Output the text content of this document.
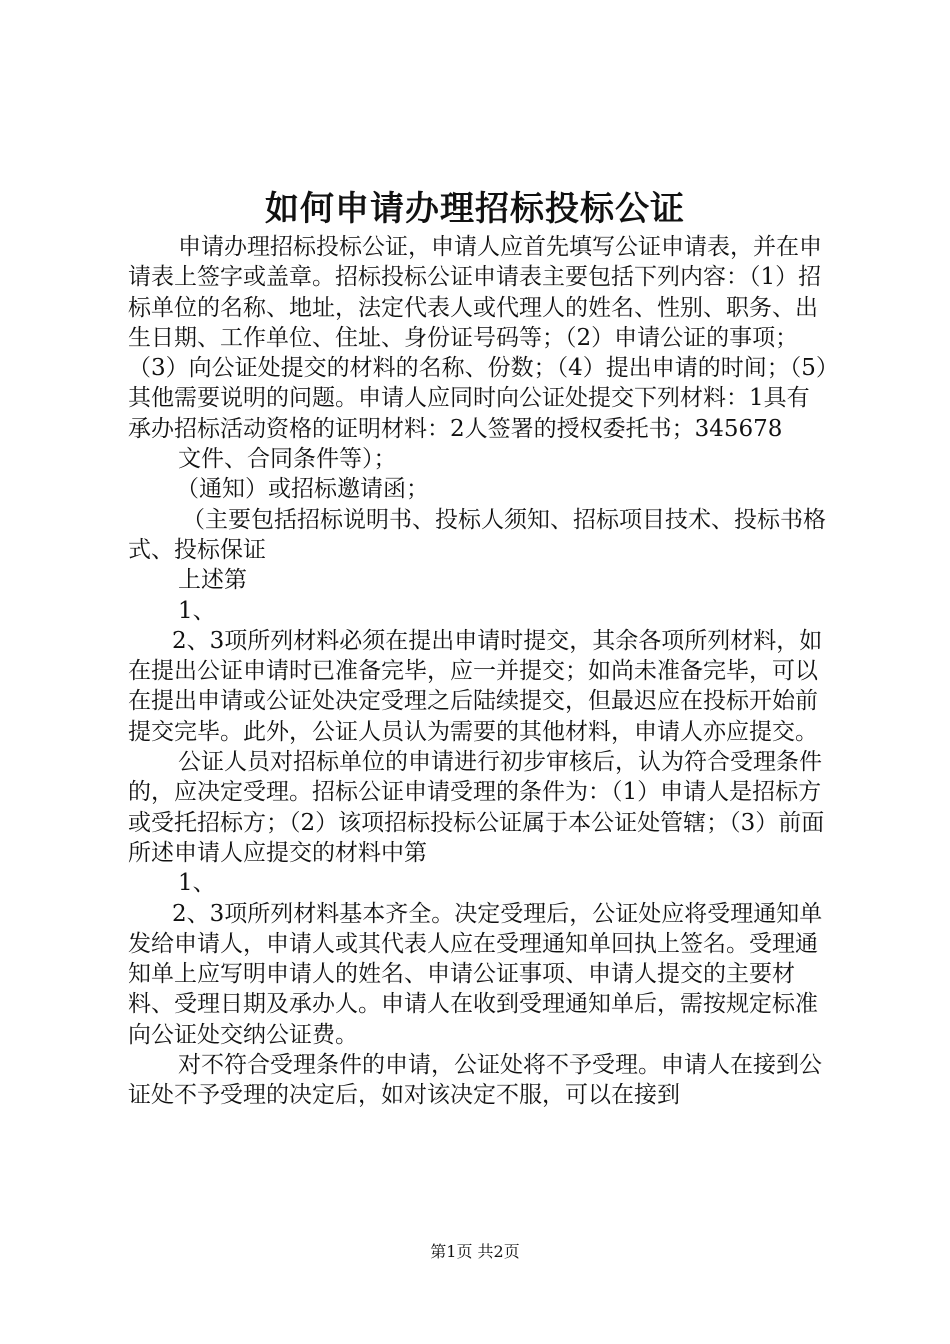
如何申请办理招标投标公证

申请办理招标投标公证，申请人应首先填写公证申请表，并在申请表上签字或盖章。招标投标公证申请表主要包括下列内容：（1）招标单位的名称、地址，法定代表人或代理人的姓名、性别、职务、出生日期、工作单位、住址、身份证号码等；（2）申请公证的事项；（3）向公证处提交的材料的名称、份数；（4）提出申请的时间；（5）其他需要说明的问题。申请人应同时向公证处提交下列材料：1具有承办招标活动资格的证明材料：2人签署的授权委托书；345678

文件、合同条件等）；

（通知）或招标邀请函；

（主要包括招标说明书、投标人须知、招标项目技术、投标书格式、投标保证

上述第

1、

2、3项所列材料必须在提出申请时提交，其余各项所列材料，如在提出公证申请时已准备完毕，应一并提交；如尚未准备完毕，可以在提出申请或公证处决定受理之后陆续提交，但最迟应在投标开始前提交完毕。此外，公证人员认为需要的其他材料，申请人亦应提交。

公证人员对招标单位的申请进行初步审核后，认为符合受理条件的，应决定受理。招标公证申请受理的条件为：（1）申请人是招标方或受托招标方；（2）该项招标投标公证属于本公证处管辖；（3）前面所述申请人应提交的材料中第

1、

2、3项所列材料基本齐全。决定受理后，公证处应将受理通知单发给申请人，申请人或其代表人应在受理通知单回执上签名。受理通知单上应写明申请人的姓名、申请公证事项、申请人提交的主要材料、受理日期及承办人。申请人在收到受理通知单后，需按规定标准向公证处交纳公证费。

对不符合受理条件的申请，公证处将不予受理。申请人在接到公证处不予受理的决定后，如对该决定不服，可以在接到

第1页 共2页
